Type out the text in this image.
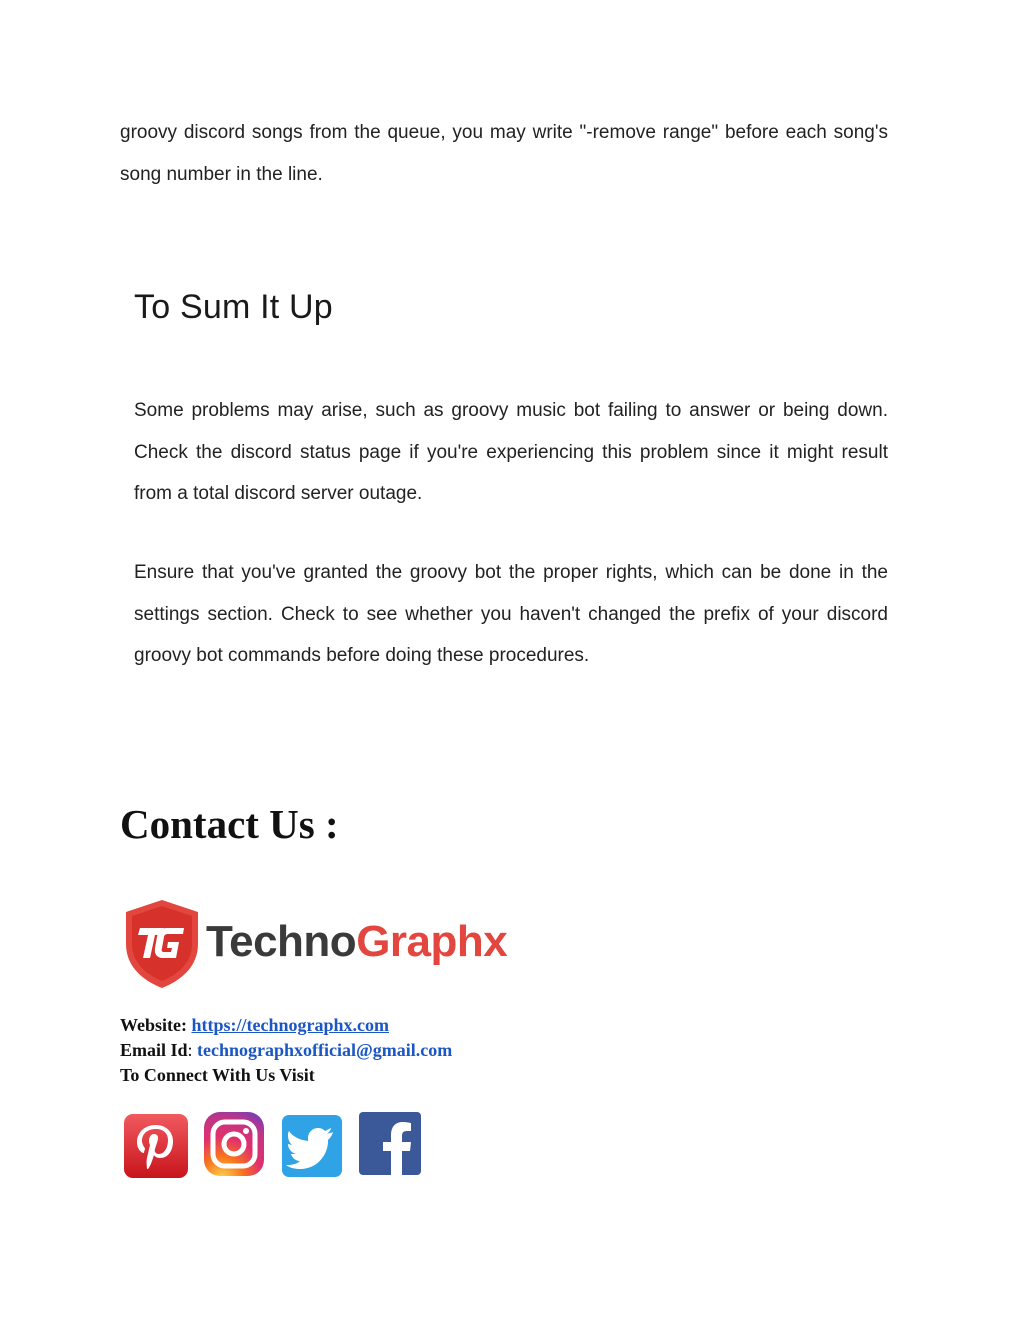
groovy discord songs from the queue, you may write "-remove range" before each song's song number in the line.

To Sum It Up

Some problems may arise, such as groovy music bot failing to answer or being down. Check the discord status page if you're experiencing this problem since it might result from a total discord server outage.

Ensure that you've granted the groovy bot the proper rights, which can be done in the settings section. Check to see whether you haven't changed the prefix of your discord groovy bot commands before doing these procedures.

Contact Us :
TechnoGraphx
Website: https://technographx.com
Email Id: technographxofficial@gmail.com
To Connect With Us Visit
